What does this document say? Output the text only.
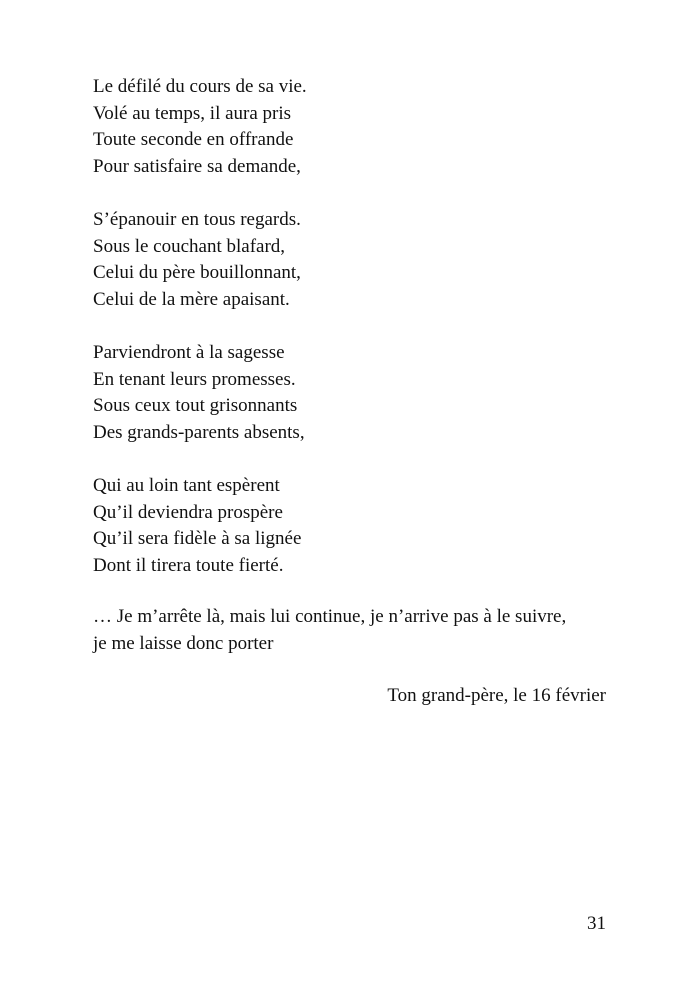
Le défilé du cours de sa vie.
Volé au temps, il aura pris
Toute seconde en offrande
Pour satisfaire sa demande,
S’épanouir en tous regards.
Sous le couchant blafard,
Celui du père bouillonnant,
Celui de la mère apaisant.
Parviendront à la sagesse
En tenant leurs promesses.
Sous ceux tout grisonnants
Des grands-parents absents,
Qui au loin tant espèrent
Qu’il deviendra prospère
Qu’il sera fidèle à sa lignée
Dont il tirera toute fierté.
… Je m’arrête là, mais lui continue, je n’arrive pas à le suivre,
je me laisse donc porter
Ton grand-père, le 16 février
31
